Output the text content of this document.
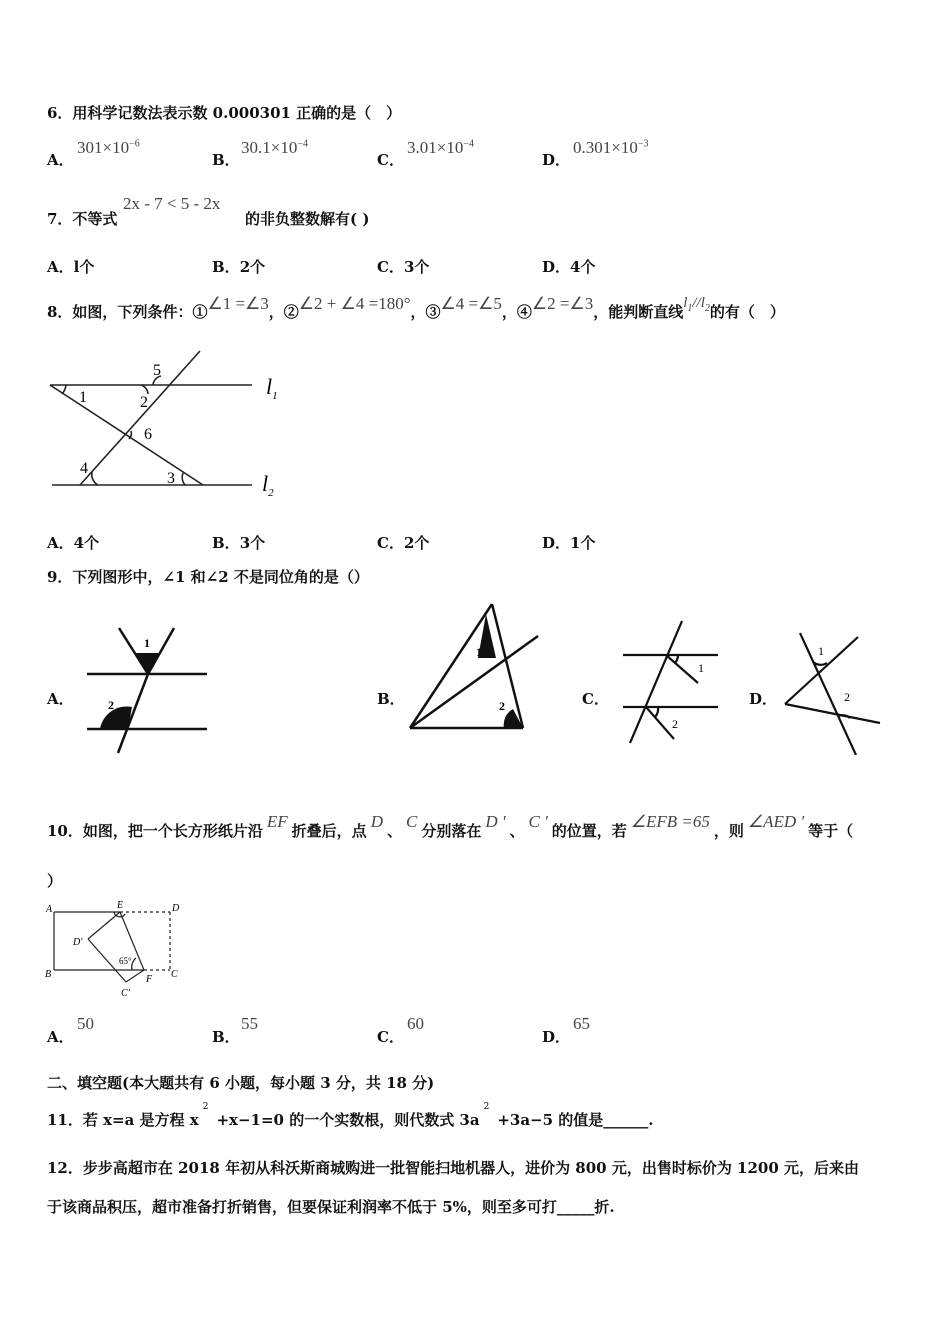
6．用科学记数法表示数 0.000301 正确的是（　）
A．
$301\times 10^{-6}$
B．
$30.1\times 10^{-4}$
C．
$3.01\times 10^{-4}$
D．
$0.301\times 10^{-3}$
7．不等式
2x - 7 < 5 - 2x
的非负整数解有( )
A．l个	B．2个	C．3个	D．4个
8．如图，下列条件：①∠1 =∠3，②∠2 + ∠4 =180°，③∠4 =∠5，④∠2 =∠3，能判断直线$l_1//l_2$的有（　）
5
1	2
6
4
3
$l_1$
$l_2$
A．4个	B．3个	C．2个	D．1个
9．下列图形中，∠1 和∠2 不是同位角的是（）
A．
1
2	B．
1
2	C．
1
2
D．
1
2
10．如图，把一个长方形纸片沿 EF 折叠后，点 D 、 C 分别落在 D ' 、 C ' 的位置，若 ∠EFB =65 ，则 ∠AED ' 等于（
）
A	E	D
D'
65°
B	C
F
C'
A．
50
B．
55
C．
60
D．
65
二、填空题(本大题共有 6 小题，每小题 3 分，共 18 分)
11．若 x=a 是方程 $x^2+x-1=0$ 的一个实数根，则代数式 $3a^2+3a-5$ 的值是______.
12．步步高超市在 2018 年初从科沃斯商城购进一批智能扫地机器人，进价为 800 元，出售时标价为 1200 元，后来由
于该商品积压，超市准备打折销售，但要保证利润率不低于 5%，则至多可打_____折.
